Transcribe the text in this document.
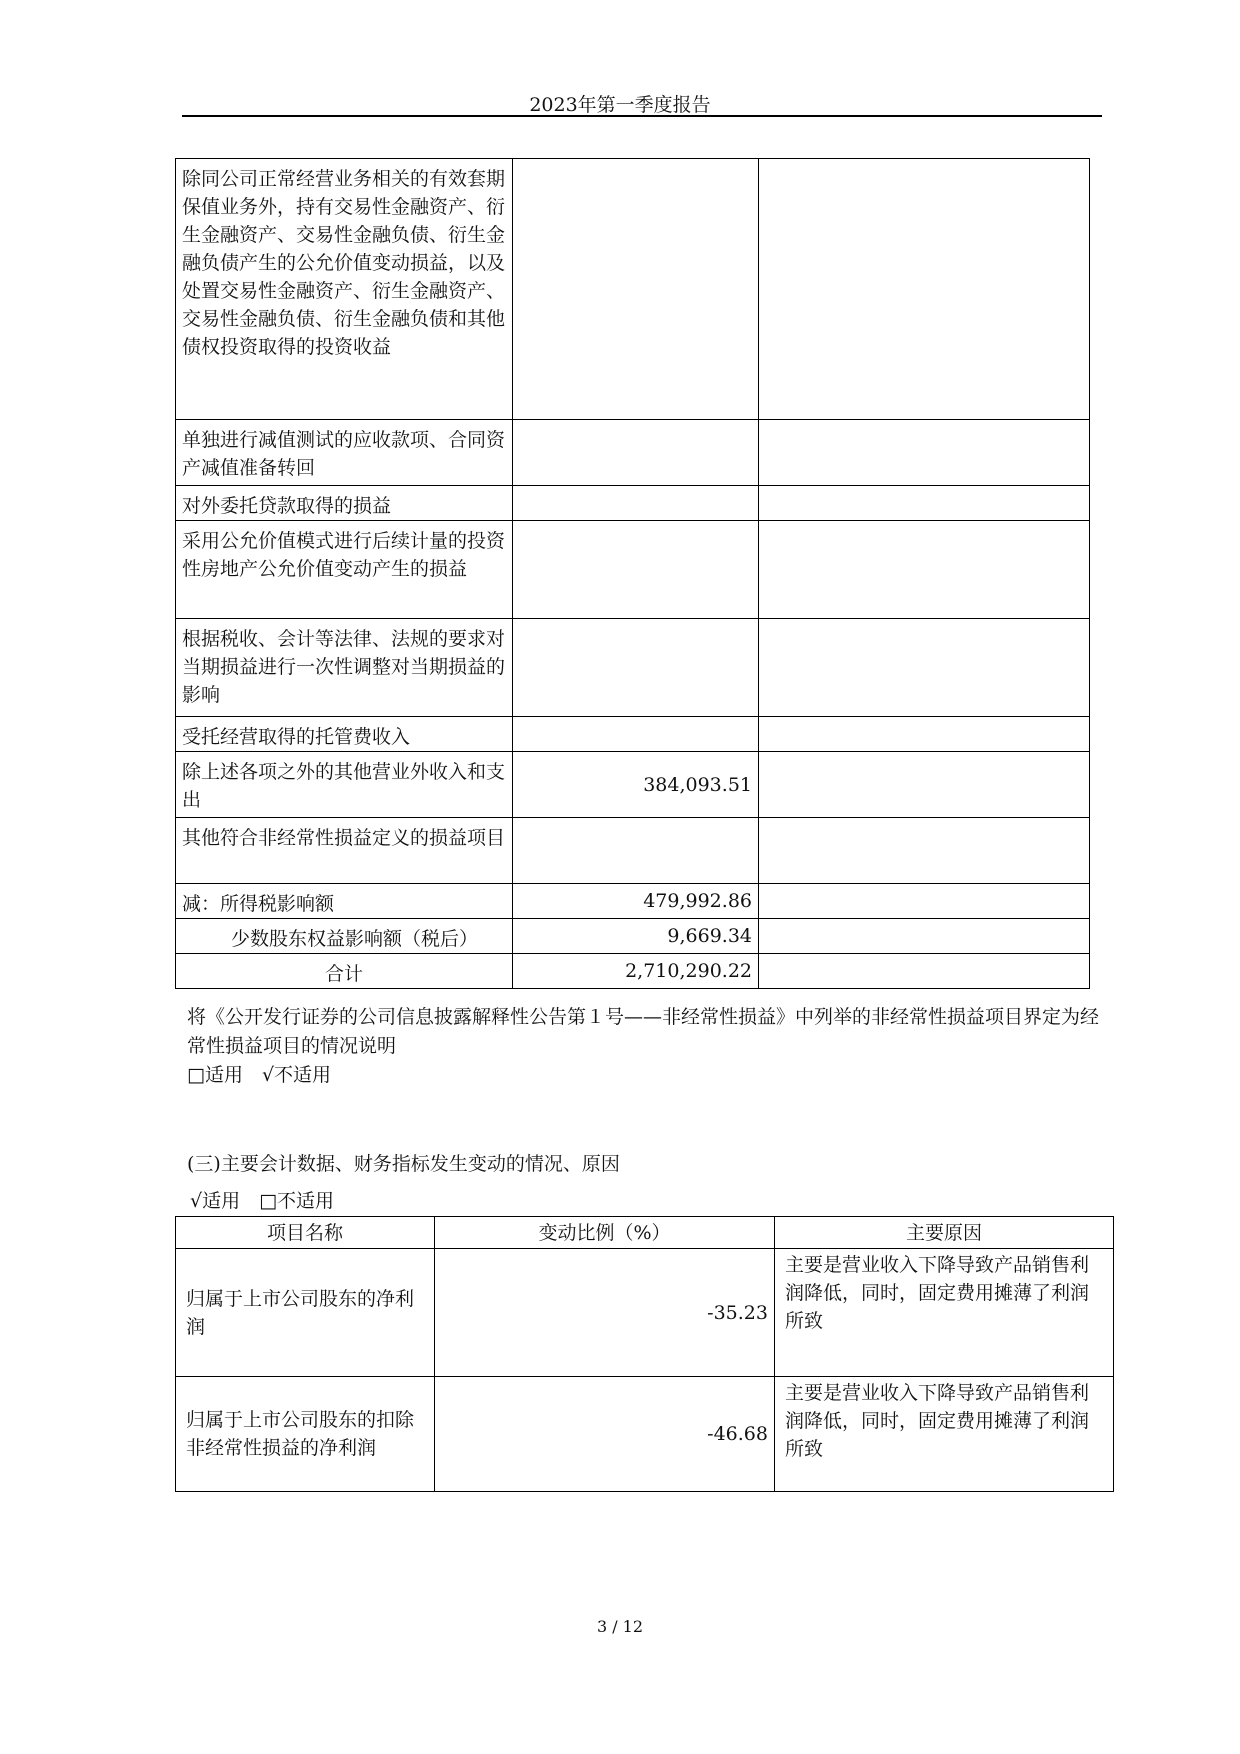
2023年第一季度报告
除同公司正常经营业务相关的有效套期保值业务外，持有交易性金融资产、衍生金融资产、交易性金融负债、衍生金融负债产生的公允价值变动损益，以及处置交易性金融资产、衍生金融资产、交易性金融负债、衍生金融负债和其他债权投资取得的投资收益		
单独进行减值测试的应收款项、合同资产减值准备转回		
对外委托贷款取得的损益		
采用公允价值模式进行后续计量的投资性房地产公允价值变动产生的损益		
根据税收、会计等法律、法规的要求对当期损益进行一次性调整对当期损益的影响		
受托经营取得的托管费收入		
除上述各项之外的其他营业外收入和支出	384,093.51	
其他符合非经常性损益定义的损益项目		
减：所得税影响额	479,992.86	
少数股东权益影响额（税后）	9,669.34	
合计	2,710,290.22	
将《公开发行证券的公司信息披露解释性公告第１号——非经常性损益》中列举的非经常性损益项目界定为经常性损益项目的情况说明
□适用　√不适用
(三)主要会计数据、财务指标发生变动的情况、原因
√适用　□不适用
项目名称	变动比例（%）	主要原因
归属于上市公司股东的净利润	-35.23	主要是营业收入下降导致产品销售利润降低，同时，固定费用摊薄了利润所致
归属于上市公司股东的扣除非经常性损益的净利润	-46.68	主要是营业收入下降导致产品销售利润降低，同时，固定费用摊薄了利润所致
3 / 12
